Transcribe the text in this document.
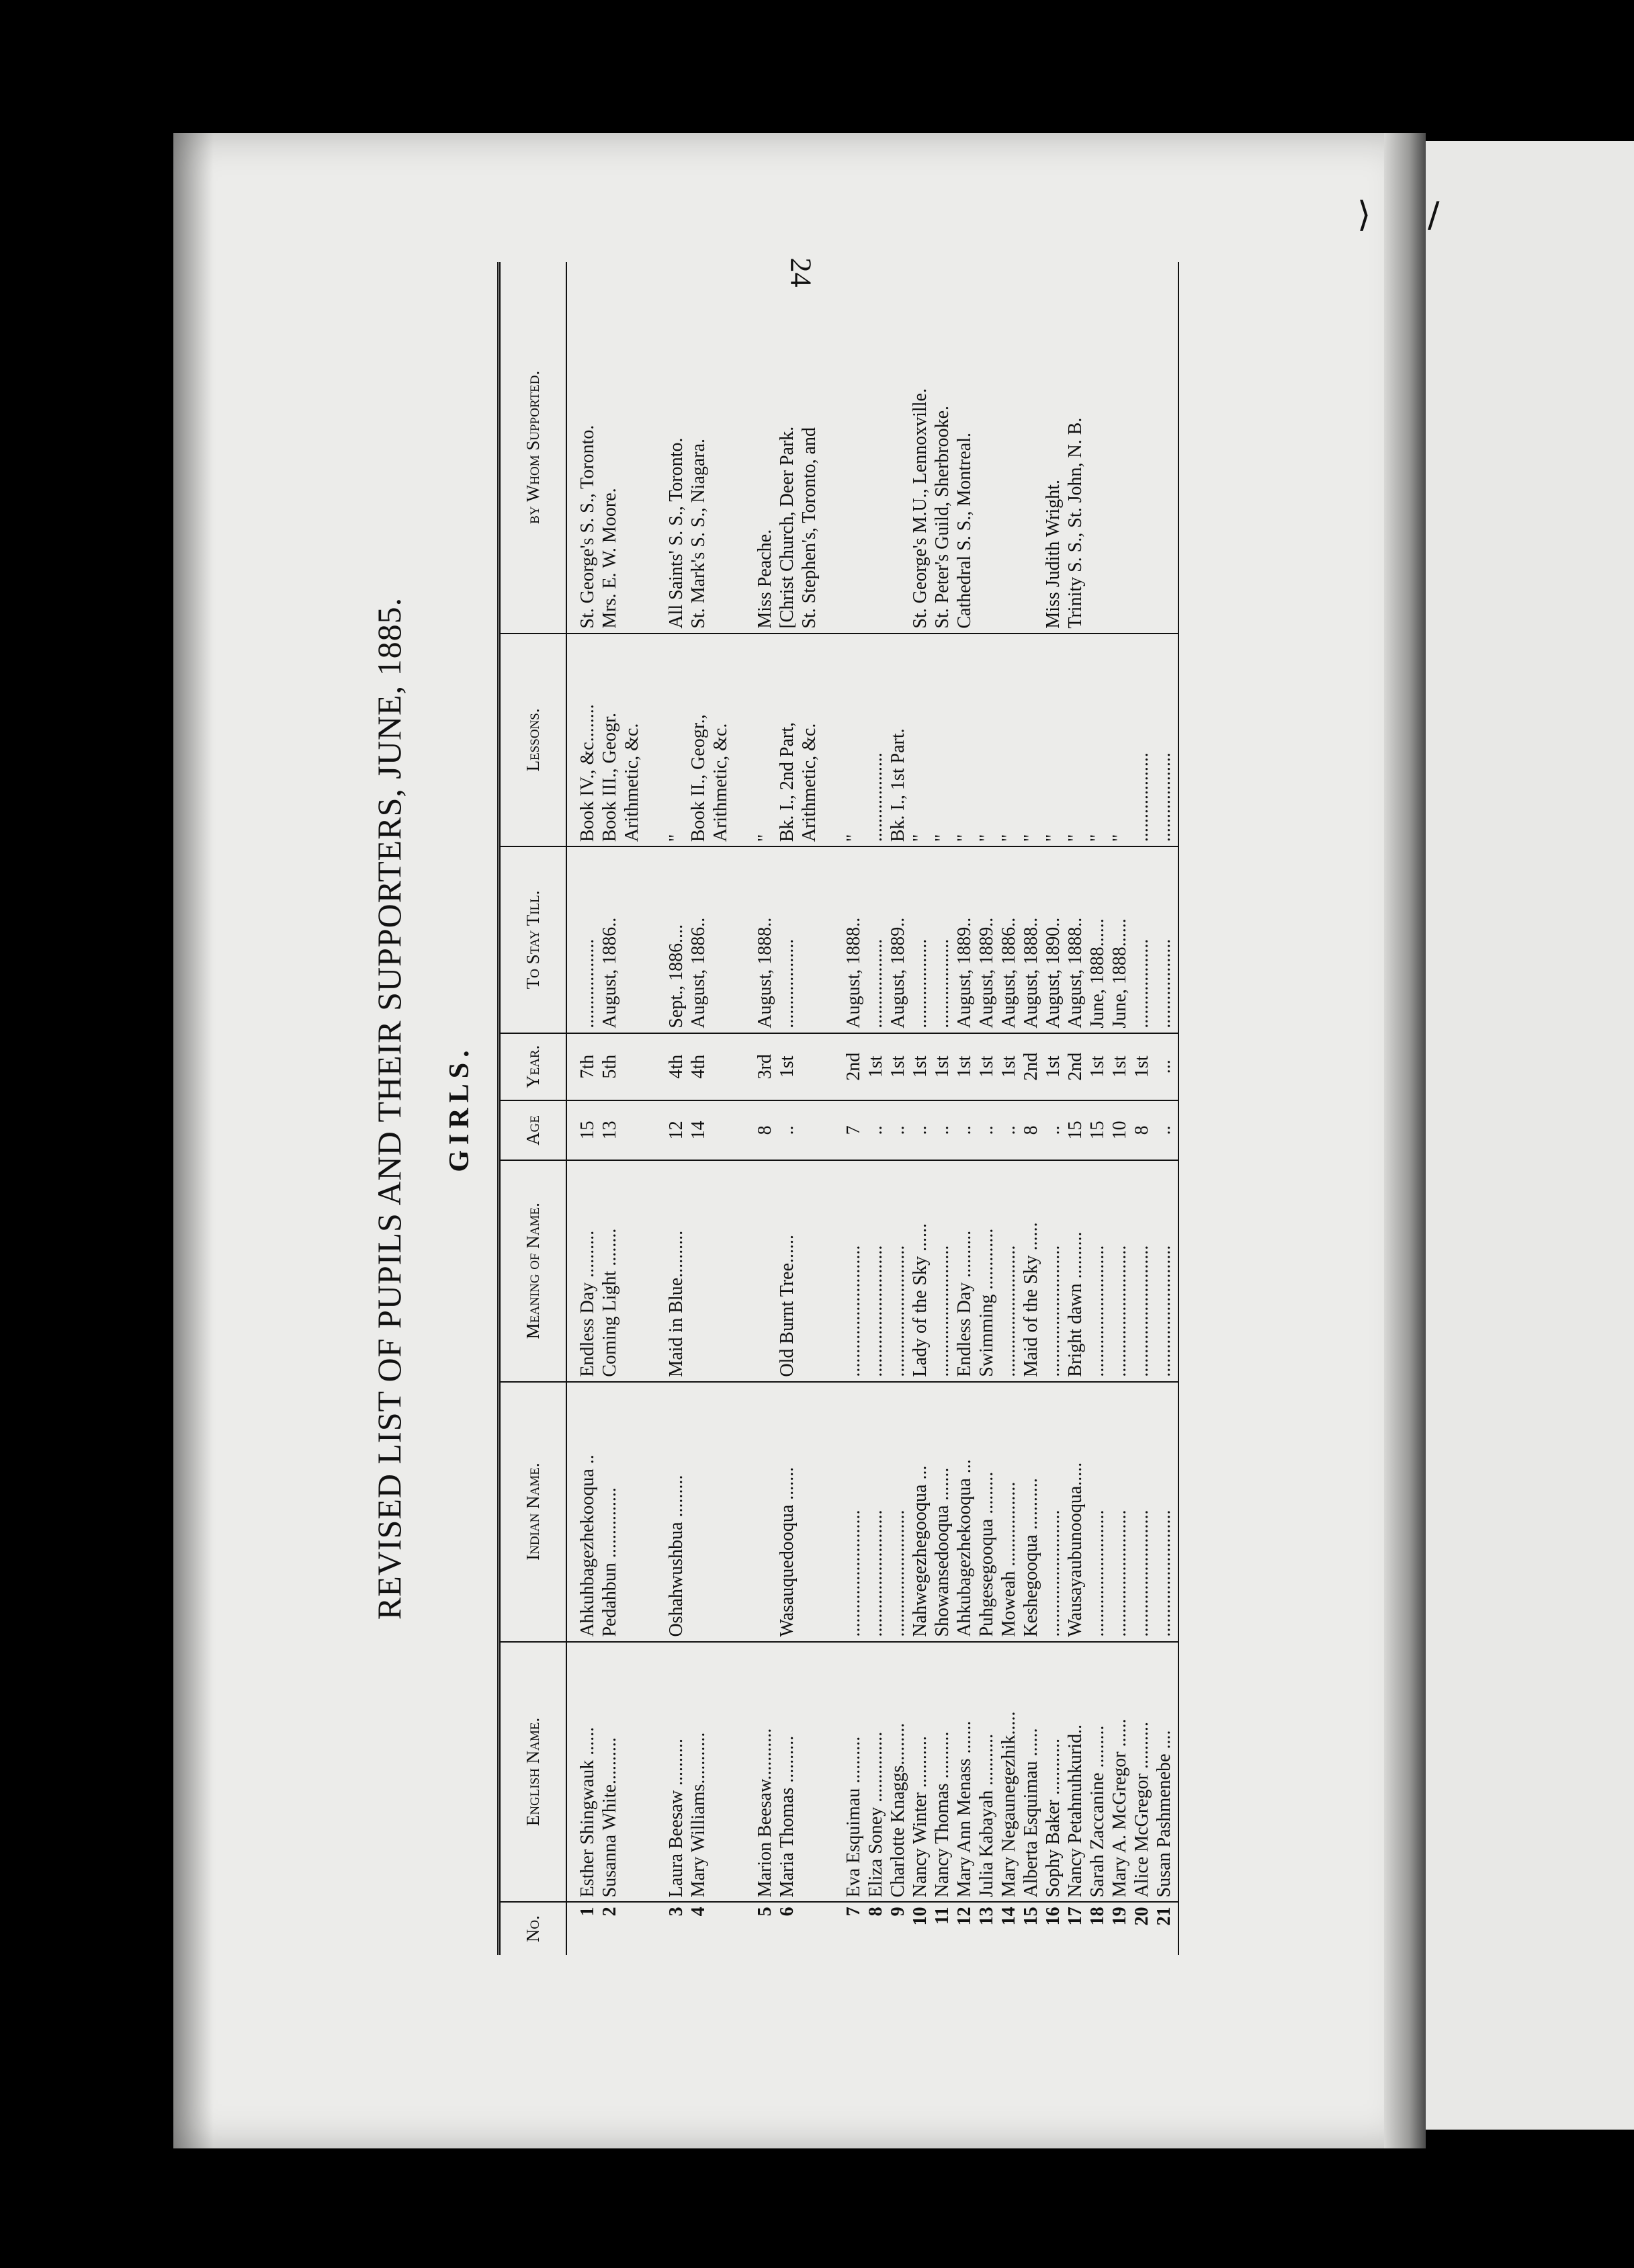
24
⟩ /
REVISED LIST OF PUPILS AND THEIR SUPPORTERS, JUNE, 1885. GIRLS.
No.	English Name.	Indian Name.	Meaning of Name.	Age	Year.	To Stay Till.	Lessons.	by Whom Supported.
1	Esther Shingwauk ......	Ahkuhbagezhekooqua ..	Endless Day ..........	15	7th	...................	Book IV., &c........	St. George's S. S., Toronto.
2	Susanna White..........	Pedahbun ...............	Coming Light ........	13	5th	August, 1886..	Book III., Geogr.	Mrs. E. W. Moore.
							Arithmetic, &c.	

3	Laura Beesaw ..........	Oshahwushbua .........	Maid in Blue..........	12	4th	Sept., 1886....	"	All Saints' S. S., Toronto.
4	Mary Williams...........			14	4th	August, 1886..	Book II., Geogr.,	St. Mark's S. S., Niagara.
							Arithmetic, &c.	

5	Marion Beesaw...........			8	3rd	August, 1888..	"	Miss Peache.
6	Maria Thomas ..........	Wasauquedooqua .......	Old Burnt Tree......	..	1st	...................	Bk. I., 2nd Part,	[Christ Church, Deer Park.
							Arithmetic, &c.	St. Stephen's, Toronto, and

7	Eva Esquimau ..........	...........................	............................	7	2nd	August, 1888..	"	
8	Eliza Soney ...............	...........................	............................	..	1st	...................	...................	
9	Charlotte Knaggs.........	...........................	............................	..	1st	August, 1889..	Bk. I., 1st Part.	
10	Nancy Winter ...........	Nahwegezhegooqua ...	Lady of the Sky ......	..	1st	...................	"	St. George's M.U., Lennoxville.
11	Nancy Thomas ..........	Showansedooqua .......	............................	..	1st	...................	"	St. Peter's Guild, Sherbrooke.
12	Mary Ann Menass .......	Ahkubagezhekooqua ...	Endless Day ..........	..	1st	August, 1889..	"	Cathedral S. S., Montreal.
13	Julia Kabayah ...........	Puhgesegooqua .........	Swimming .............	..	1st	August, 1889..	"	
14	Mary Negaunegezhik.....	Moweah ..................	............................	..	1st	August, 1886..	"	
15	Alberta Esquimau ......	Keshegooqua ...........	Maid of the Sky ......	8	2nd	August, 1888..	"	
16	Sophy Baker ............	...........................	............................	..	1st	August, 1890..	"	Miss Judith Wright.
17	Nancy Petahnuhkurid..	Wausayaubunooqua.....	Bright dawn ..........	15	2nd	August, 1888..	"	Trinity S. S., St. John, N. B.
18	Sarah Zaccanine .........	...........................	............................	15	1st	June, 1888......	"	
19	Mary A. McGregor ......	...........................	............................	10	1st	June, 1888......	"	
20	Alice McGregor ..........	...........................	............................	8	1st	...................	...................	
21	Susan Pashmenebe ....	...........................	............................	..	...	...................	...................	
